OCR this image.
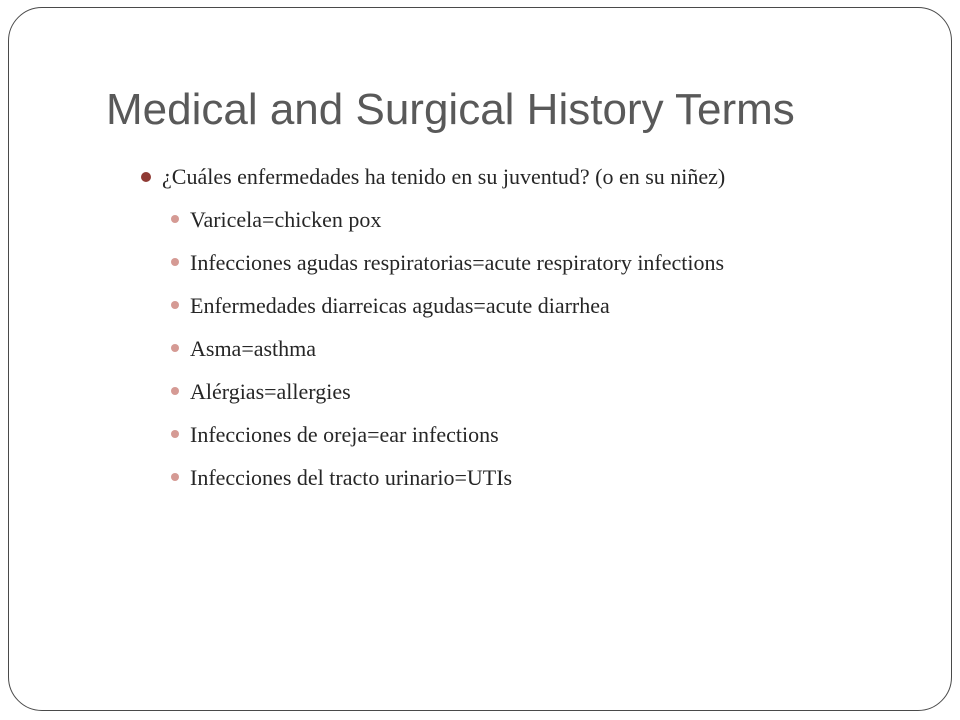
Medical and Surgical History Terms
¿Cuáles enfermedades ha tenido en su juventud? (o en su niñez)
Varicela=chicken pox
Infecciones agudas respiratorias=acute respiratory infections
Enfermedades diarreicas agudas=acute diarrhea
Asma=asthma
Alérgias=allergies
Infecciones de oreja=ear infections
Infecciones del tracto urinario=UTIs
